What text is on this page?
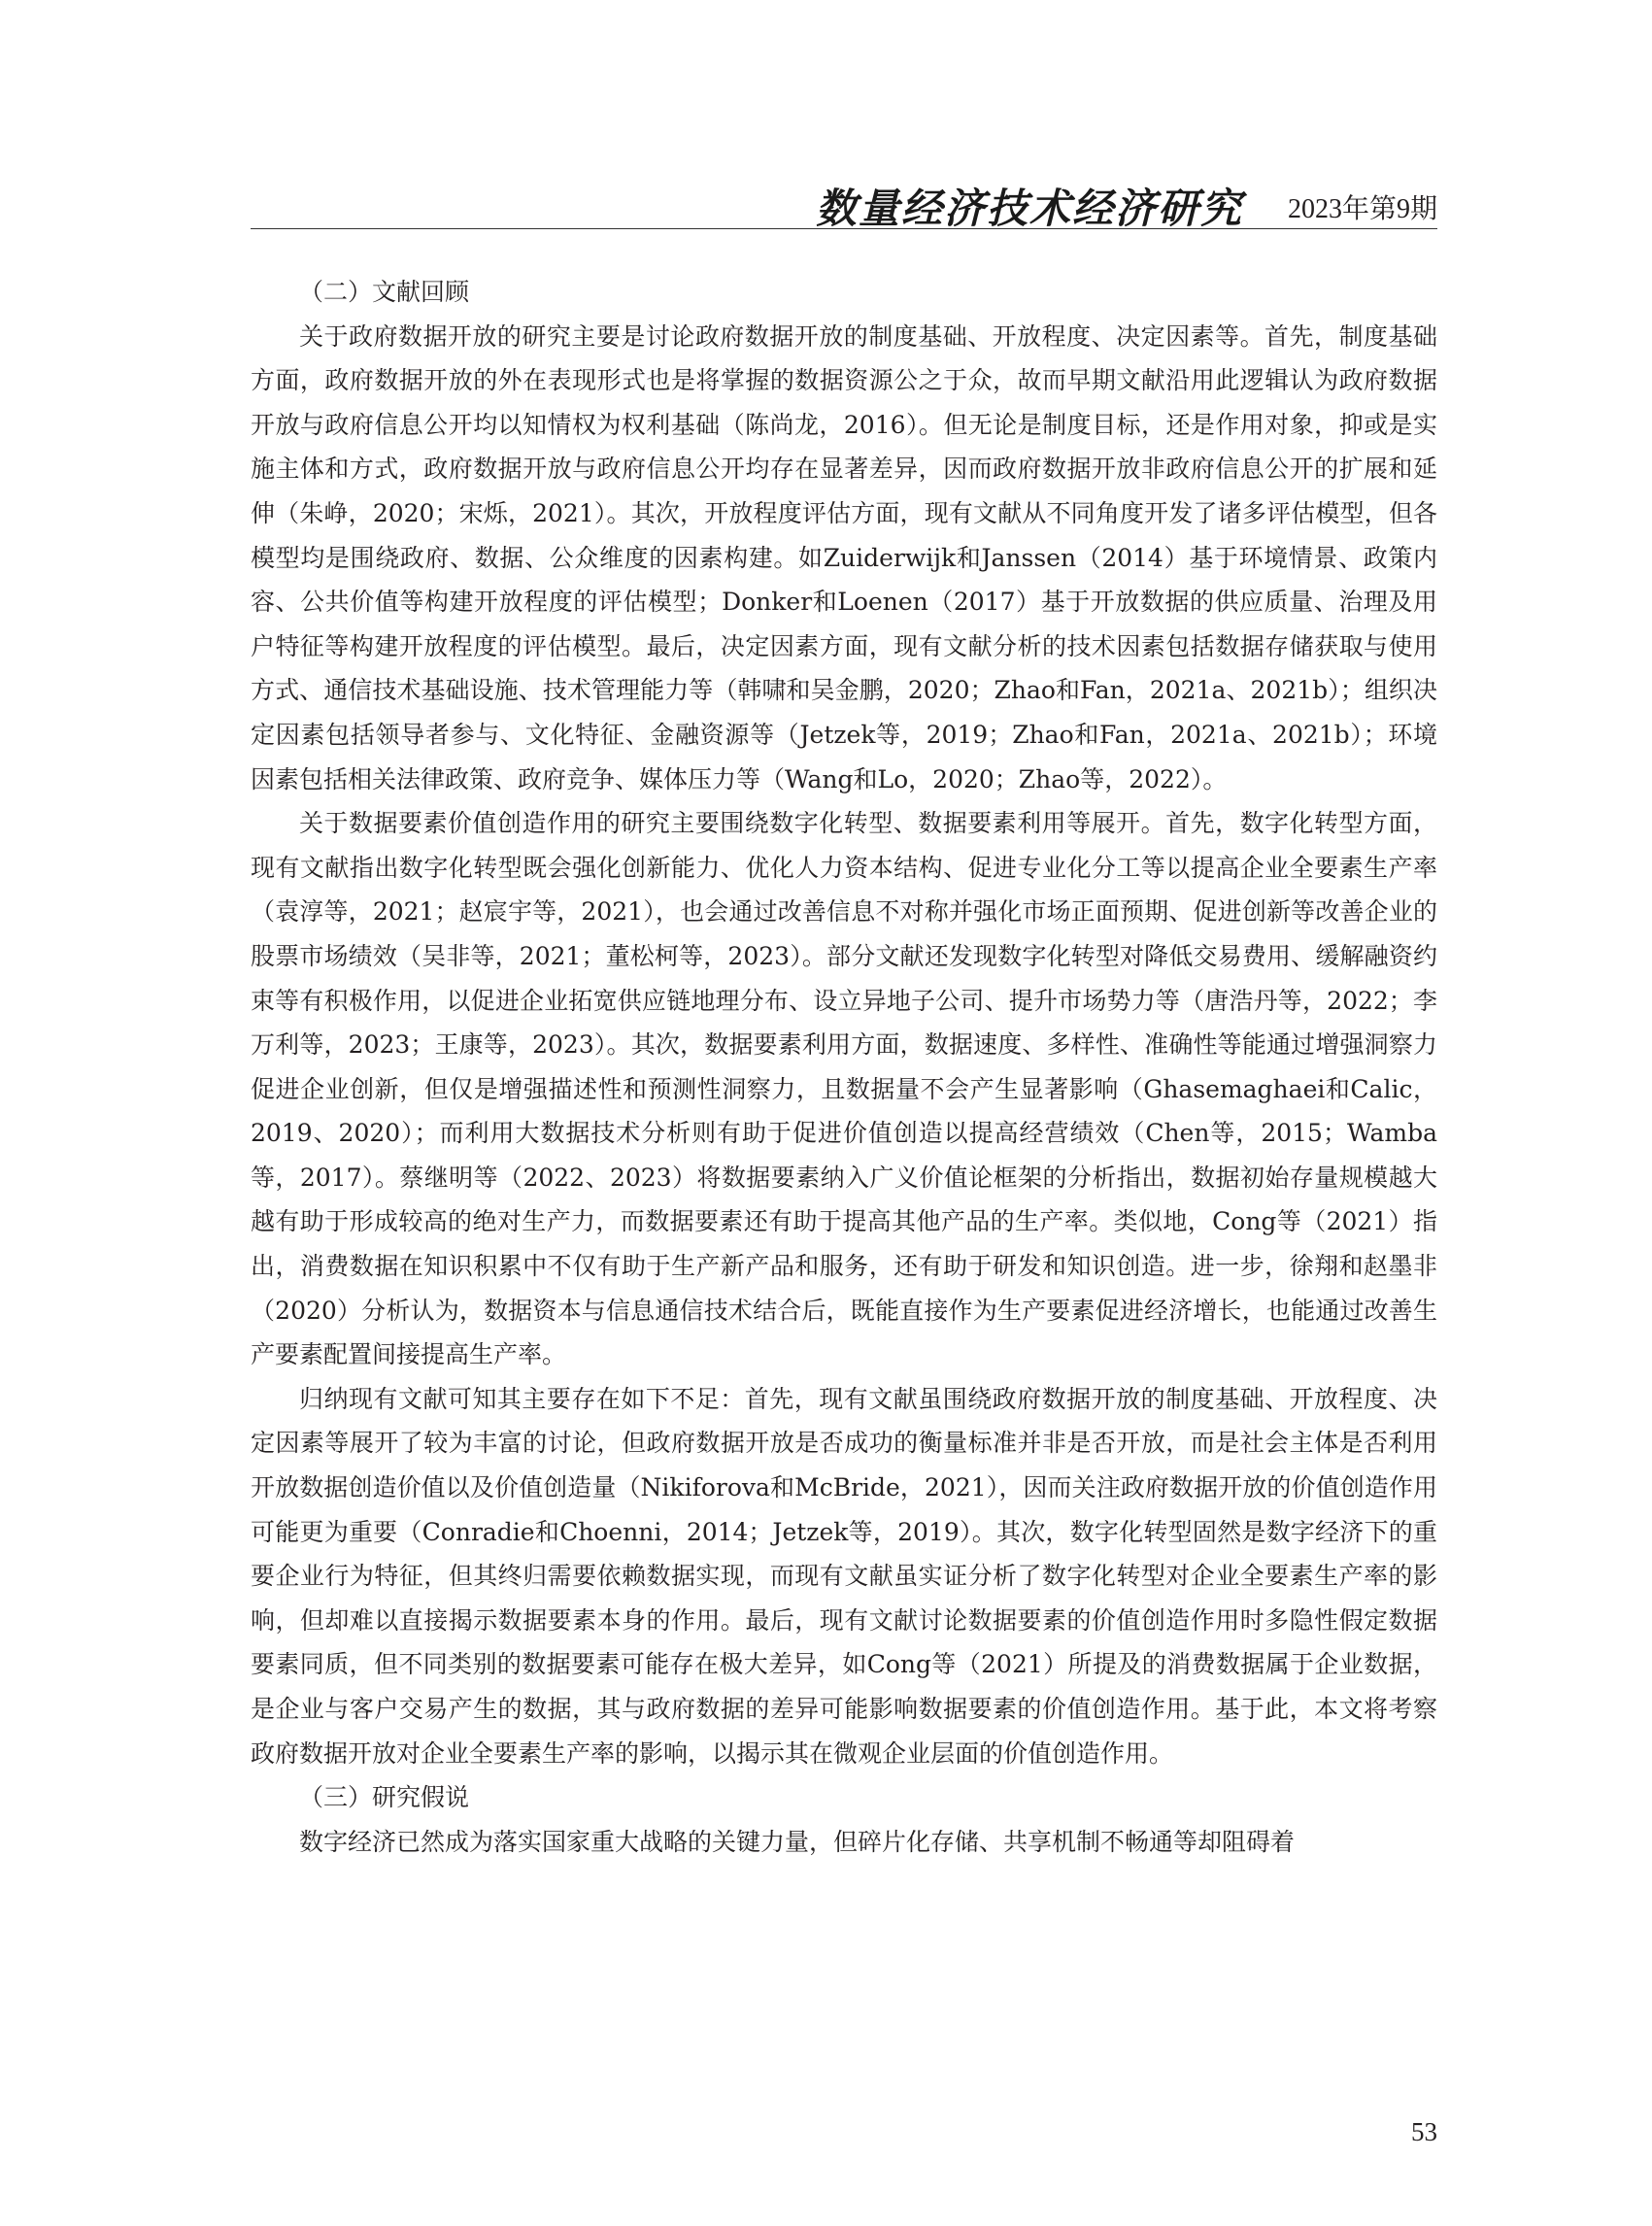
数量经济技术经济研究 2023年第9期
（二）文献回顾

关于政府数据开放的研究主要是讨论政府数据开放的制度基础、开放程度、决定因素等。首先，制度基础方面，政府数据开放的外在表现形式也是将掌握的数据资源公之于众，故而早期文献沿用此逻辑认为政府数据开放与政府信息公开均以知情权为权利基础（陈尚龙，2016）。但无论是制度目标，还是作用对象，抑或是实施主体和方式，政府数据开放与政府信息公开均存在显著差异，因而政府数据开放非政府信息公开的扩展和延伸（朱峥，2020；宋烁，2021）。其次，开放程度评估方面，现有文献从不同角度开发了诸多评估模型，但各模型均是围绕政府、数据、公众维度的因素构建。如Zuiderwijk和Janssen（2014）基于环境情景、政策内容、公共价值等构建开放程度的评估模型；Donker和Loenen（2017）基于开放数据的供应质量、治理及用户特征等构建开放程度的评估模型。最后，决定因素方面，现有文献分析的技术因素包括数据存储获取与使用方式、通信技术基础设施、技术管理能力等（韩啸和吴金鹏，2020；Zhao和Fan，2021a、2021b）；组织决定因素包括领导者参与、文化特征、金融资源等（Jetzek等，2019；Zhao和Fan，2021a、2021b）；环境因素包括相关法律政策、政府竞争、媒体压力等（Wang和Lo，2020；Zhao等，2022）。

关于数据要素价值创造作用的研究主要围绕数字化转型、数据要素利用等展开。首先，数字化转型方面，现有文献指出数字化转型既会强化创新能力、优化人力资本结构、促进专业化分工等以提高企业全要素生产率（袁淳等，2021；赵宸宇等，2021），也会通过改善信息不对称并强化市场正面预期、促进创新等改善企业的股票市场绩效（吴非等，2021；董松柯等，2023）。部分文献还发现数字化转型对降低交易费用、缓解融资约束等有积极作用，以促进企业拓宽供应链地理分布、设立异地子公司、提升市场势力等（唐浩丹等，2022；李万利等，2023；王康等，2023）。其次，数据要素利用方面，数据速度、多样性、准确性等能通过增强洞察力促进企业创新，但仅是增强描述性和预测性洞察力，且数据量不会产生显著影响（Ghasemaghaei和Calic，2019、2020）；而利用大数据技术分析则有助于促进价值创造以提高经营绩效（Chen等，2015；Wamba等，2017）。蔡继明等（2022、2023）将数据要素纳入广义价值论框架的分析指出，数据初始存量规模越大越有助于形成较高的绝对生产力，而数据要素还有助于提高其他产品的生产率。类似地，Cong等（2021）指出，消费数据在知识积累中不仅有助于生产新产品和服务，还有助于研发和知识创造。进一步，徐翔和赵墨非（2020）分析认为，数据资本与信息通信技术结合后，既能直接作为生产要素促进经济增长，也能通过改善生产要素配置间接提高生产率。

归纳现有文献可知其主要存在如下不足：首先，现有文献虽围绕政府数据开放的制度基础、开放程度、决定因素等展开了较为丰富的讨论，但政府数据开放是否成功的衡量标准并非是否开放，而是社会主体是否利用开放数据创造价值以及价值创造量（Nikiforova和McBride，2021），因而关注政府数据开放的价值创造作用可能更为重要（Conradie和Choenni，2014；Jetzek等，2019）。其次，数字化转型固然是数字经济下的重要企业行为特征，但其终归需要依赖数据实现，而现有文献虽实证分析了数字化转型对企业全要素生产率的影响，但却难以直接揭示数据要素本身的作用。最后，现有文献讨论数据要素的价值创造作用时多隐性假定数据要素同质，但不同类别的数据要素可能存在极大差异，如Cong等（2021）所提及的消费数据属于企业数据，是企业与客户交易产生的数据，其与政府数据的差异可能影响数据要素的价值创造作用。基于此，本文将考察政府数据开放对企业全要素生产率的影响，以揭示其在微观企业层面的价值创造作用。

（三）研究假说

数字经济已然成为落实国家重大战略的关键力量，但碎片化存储、共享机制不畅通等却阻碍着

53
